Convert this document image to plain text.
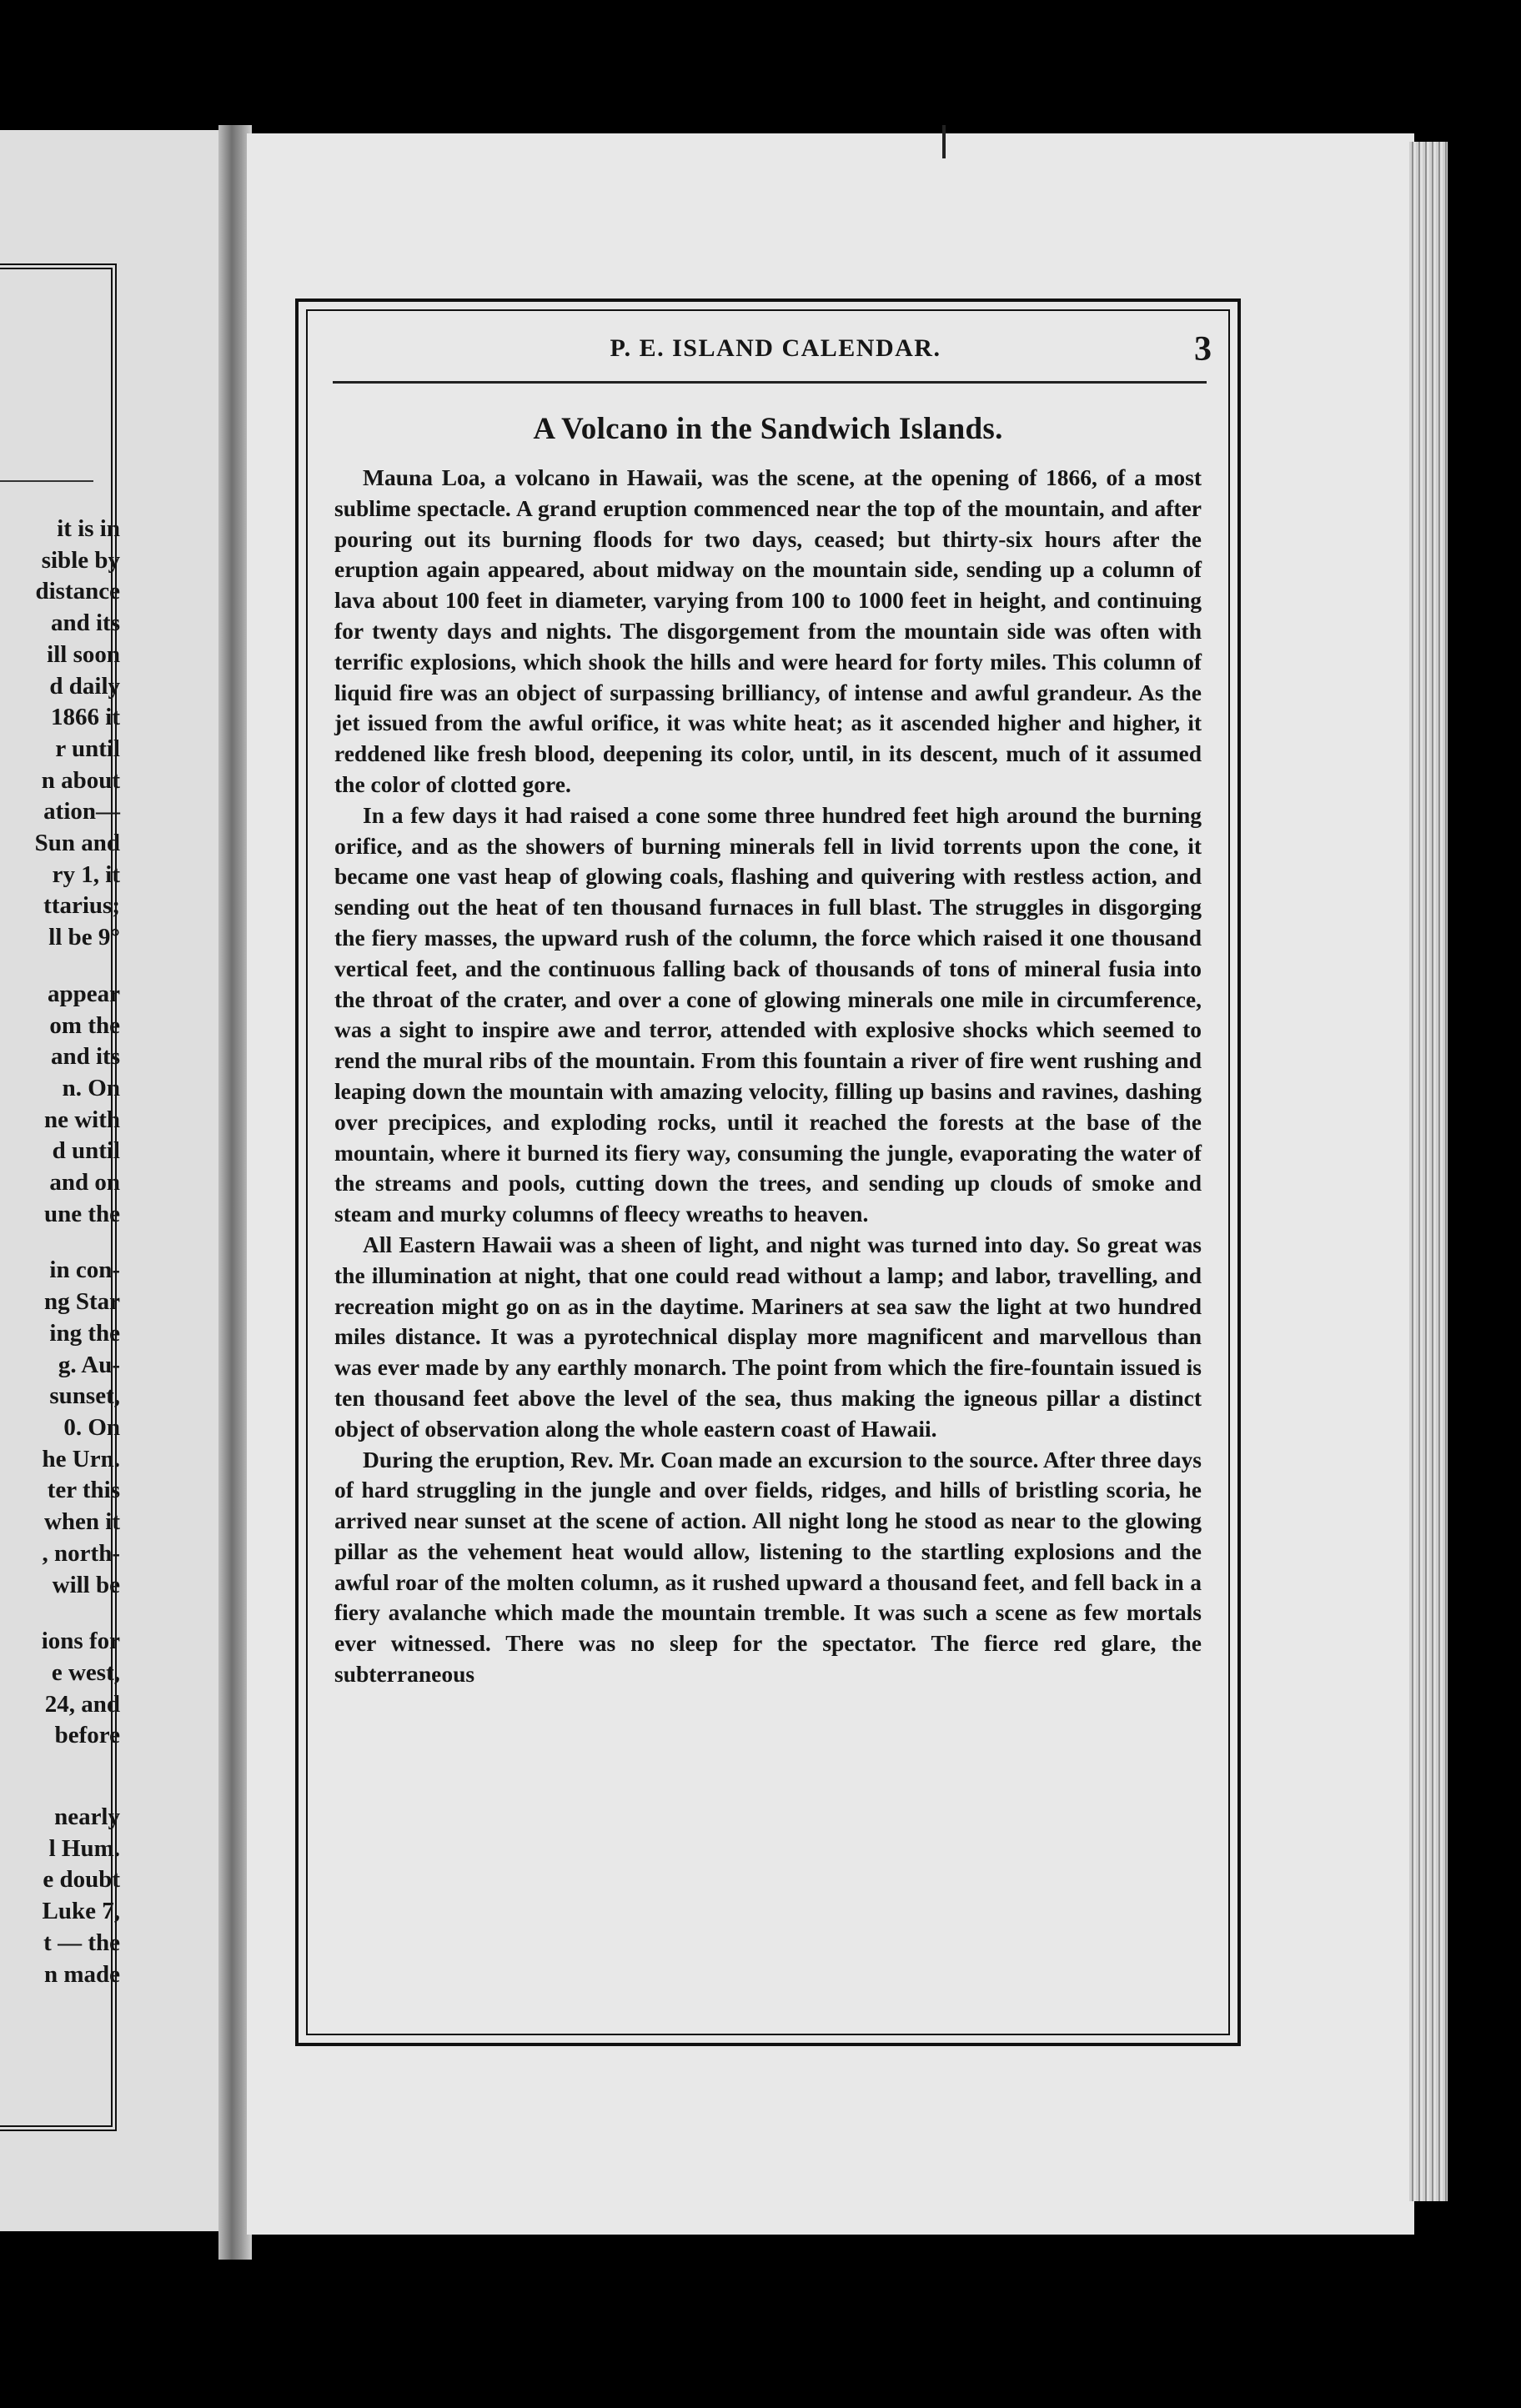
it is in
sible by
distance
and its
ill soon
d daily
1866 it
r until
n about
ation—
Sun and
ry 1, it
ttarius;
ll be 9°
appear
om the
and its
n. On
ne with
d until
and on
une the
in con-
ng Star
ing the
g. Au-
sunset,
0. On
he Urn.
ter this
when it
, north-
will be
ions for
e west,
24, and
before
nearly
l Hum.
e doubt
Luke 7,
t — the
n made
P. E. ISLAND CALENDAR.	3
A Volcano in the Sandwich Islands.

Mauna Loa, a volcano in Hawaii, was the scene, at the opening of 1866, of a most sublime spectacle. A grand eruption commenced near the top of the mountain, and after pouring out its burning floods for two days, ceased; but thirty-six hours after the eruption again appeared, about midway on the mountain side, sending up a column of lava about 100 feet in diameter, varying from 100 to 1000 feet in height, and continuing for twenty days and nights. The disgorgement from the mountain side was often with terrific explosions, which shook the hills and were heard for forty miles. This column of liquid fire was an object of surpassing brilliancy, of intense and awful grandeur. As the jet issued from the awful orifice, it was white heat; as it ascended higher and higher, it reddened like fresh blood, deepening its color, until, in its descent, much of it assumed the color of clotted gore.

In a few days it had raised a cone some three hundred feet high around the burning orifice, and as the showers of burning minerals fell in livid torrents upon the cone, it became one vast heap of glowing coals, flashing and quivering with restless action, and sending out the heat of ten thousand furnaces in full blast. The struggles in disgorging the fiery masses, the upward rush of the column, the force which raised it one thousand vertical feet, and the continuous falling back of thousands of tons of mineral fusia into the throat of the crater, and over a cone of glowing minerals one mile in circumference, was a sight to inspire awe and terror, attended with explosive shocks which seemed to rend the mural ribs of the mountain. From this fountain a river of fire went rushing and leaping down the mountain with amazing velocity, filling up basins and ravines, dashing over precipices, and exploding rocks, until it reached the forests at the base of the mountain, where it burned its fiery way, consuming the jungle, evaporating the water of the streams and pools, cutting down the trees, and sending up clouds of smoke and steam and murky columns of fleecy wreaths to heaven.

All Eastern Hawaii was a sheen of light, and night was turned into day. So great was the illumination at night, that one could read without a lamp; and labor, travelling, and recreation might go on as in the daytime. Mariners at sea saw the light at two hundred miles distance. It was a pyrotechnical display more magnificent and marvellous than was ever made by any earthly monarch. The point from which the fire-fountain issued is ten thousand feet above the level of the sea, thus making the igneous pillar a distinct object of observation along the whole eastern coast of Hawaii.

During the eruption, Rev. Mr. Coan made an excursion to the source. After three days of hard struggling in the jungle and over fields, ridges, and hills of bristling scoria, he arrived near sunset at the scene of action. All night long he stood as near to the glowing pillar as the vehement heat would allow, listening to the startling explosions and the awful roar of the molten column, as it rushed upward a thousand feet, and fell back in a fiery avalanche which made the mountain tremble. It was such a scene as few mortals ever witnessed. There was no sleep for the spectator. The fierce red glare, the subterraneous
